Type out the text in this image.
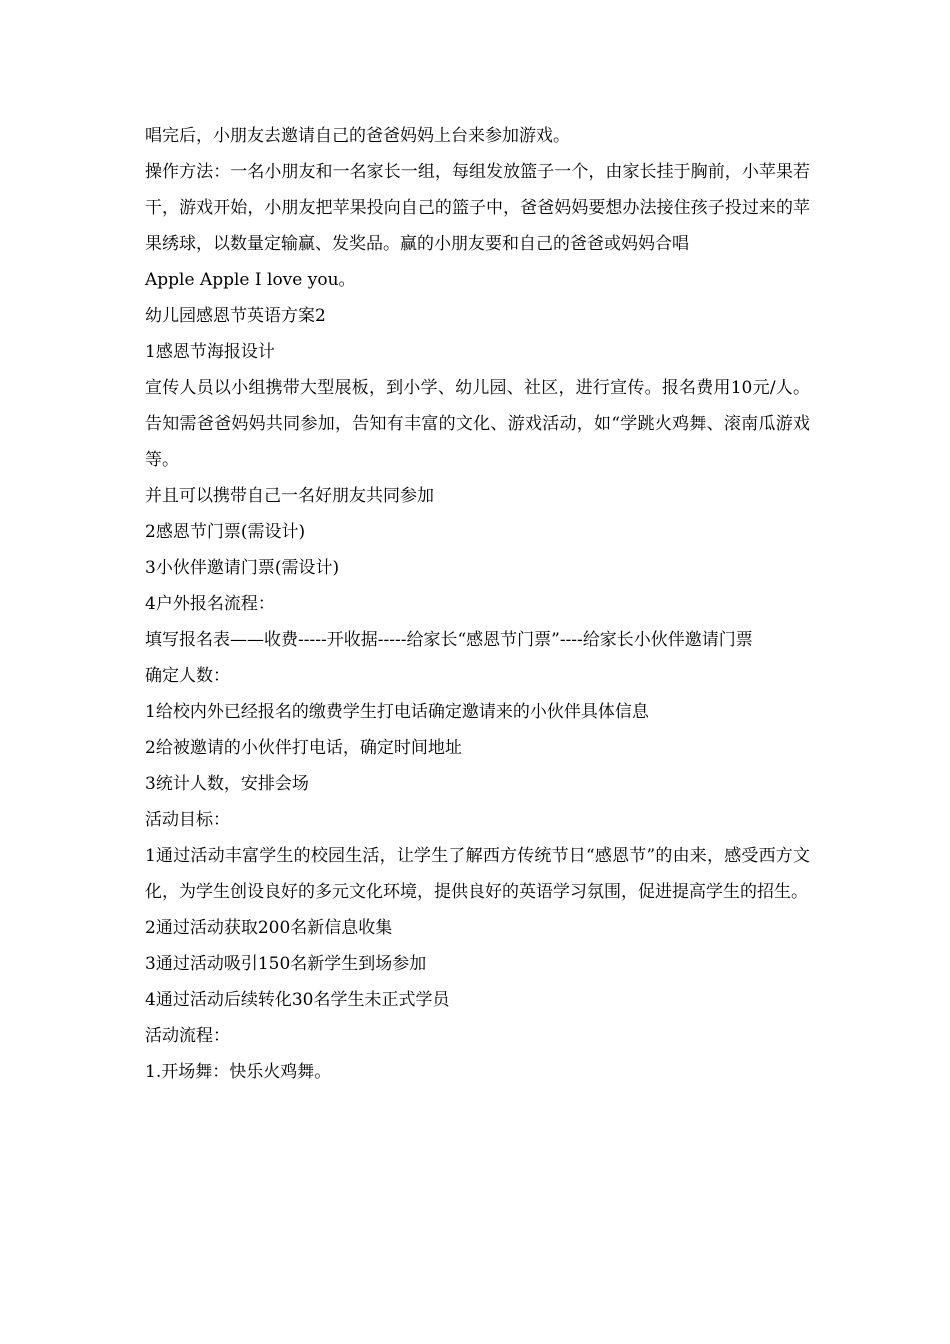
唱完后，小朋友去邀请自己的爸爸妈妈上台来参加游戏。

操作方法：一名小朋友和一名家长一组，每组发放篮子一个，由家长挂于胸前，小苹果若干，游戏开始，小朋友把苹果投向自己的篮子中，爸爸妈妈要想办法接住孩子投过来的苹果绣球，以数量定输赢、发奖品。赢的小朋友要和自己的爸爸或妈妈合唱

Apple Apple I love you。

幼儿园感恩节英语方案2

1感恩节海报设计

宣传人员以小组携带大型展板，到小学、幼儿园、社区，进行宣传。报名费用10元/人。告知需爸爸妈妈共同参加，告知有丰富的文化、游戏活动，如“学跳火鸡舞、滚南瓜游戏等。

并且可以携带自己一名好朋友共同参加

2感恩节门票(需设计)

3小伙伴邀请门票(需设计)

4户外报名流程：

填写报名表——收费-----开收据-----给家长“感恩节门票”----给家长小伙伴邀请门票

确定人数：

1给校内外已经报名的缴费学生打电话确定邀请来的小伙伴具体信息

2给被邀请的小伙伴打电话，确定时间地址

3统计人数，安排会场

活动目标：

1通过活动丰富学生的校园生活，让学生了解西方传统节日“感恩节”的由来，感受西方文化，为学生创设良好的多元文化环境，提供良好的英语学习氛围，促进提高学生的招生。

2通过活动获取200名新信息收集

3通过活动吸引150名新学生到场参加

4通过活动后续转化30名学生未正式学员

活动流程：

1.开场舞：快乐火鸡舞。
